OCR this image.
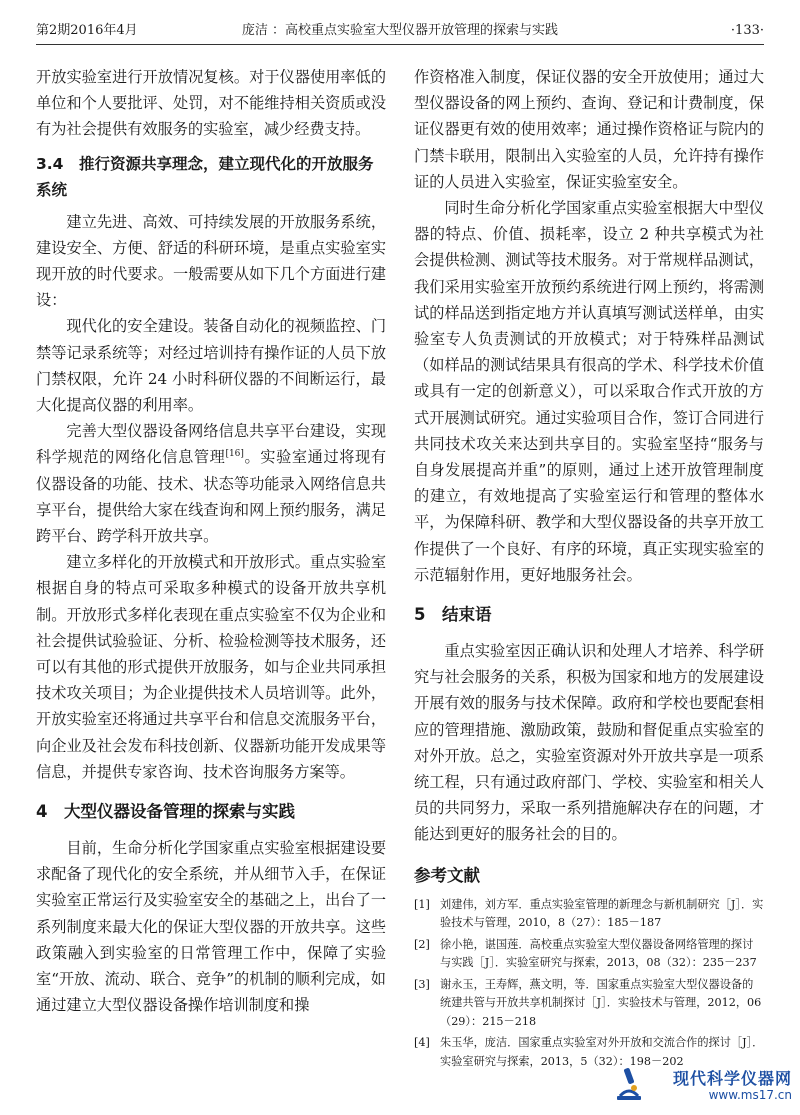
第2期2016年4月	庞洁 ：高校重点实验室大型仪器开放管理的探索与实践	·133·

开放实验室进行开放情况复核。对于仪器使用率低的单位和个人要批评、处罚，对不能维持相关资质或没有为社会提供有效服务的实验室，减少经费支持。

3.4　推行资源共享理念，建立现代化的开放服务系统

建立先进、高效、可持续发展的开放服务系统，建设安全、方便、舒适的科研环境，是重点实验室实现开放的时代要求。一般需要从如下几个方面进行建设：

现代化的安全建设。装备自动化的视频监控、门禁等记录系统等；对经过培训持有操作证的人员下放门禁权限，允许 24 小时科研仪器的不间断运行，最大化提高仪器的利用率。

完善大型仪器设备网络信息共享平台建设，实现科学规范的网络化信息管理[16]。实验室通过将现有仪器设备的功能、技术、状态等功能录入网络信息共享平台，提供给大家在线查询和网上预约服务，满足跨平台、跨学科开放共享。

建立多样化的开放模式和开放形式。重点实验室根据自身的特点可采取多种模式的设备开放共享机制。开放形式多样化表现在重点实验室不仅为企业和社会提供试验验证、分析、检验检测等技术服务，还可以有其他的形式提供开放服务，如与企业共同承担技术攻关项目；为企业提供技术人员培训等。此外，开放实验室还将通过共享平台和信息交流服务平台，向企业及社会发布科技创新、仪器新功能开发成果等信息，并提供专家咨询、技术咨询服务方案等。

4　大型仪器设备管理的探索与实践

目前，生命分析化学国家重点实验室根据建设要求配备了现代化的安全系统，并从细节入手，在保证实验室正常运行及实验室安全的基础之上，出台了一系列制度来最大化的保证大型仪器的开放共享。这些政策融入到实验室的日常管理工作中，保障了实验室“开放、流动、联合、竞争”的机制的顺利完成，如通过建立大型仪器设备操作培训制度和操

作资格准入制度，保证仪器的安全开放使用；通过大型仪器设备的网上预约、查询、登记和计费制度，保证仪器更有效的使用效率；通过操作资格证与院内的门禁卡联用，限制出入实验室的人员，允许持有操作证的人员进入实验室，保证实验室安全。

同时生命分析化学国家重点实验室根据大中型仪器的特点、价值、损耗率，设立 2 种共享模式为社会提供检测、测试等技术服务。对于常规样品测试，我们采用实验室开放预约系统进行网上预约，将需测试的样品送到指定地方并认真填写测试送样单，由实验室专人负责测试的开放模式；对于特殊样品测试（如样品的测试结果具有很高的学术、科学技术价值或具有一定的创新意义），可以采取合作式开放的方式开展测试研究。通过实验项目合作，签订合同进行共同技术攻关来达到共享目的。实验室坚持“服务与自身发展提高并重”的原则，通过上述开放管理制度的建立，有效地提高了实验室运行和管理的整体水平，为保障科研、教学和大型仪器设备的共享开放工作提供了一个良好、有序的环境，真正实现实验室的示范辐射作用，更好地服务社会。

5　结束语

重点实验室因正确认识和处理人才培养、科学研究与社会服务的关系，积极为国家和地方的发展建设开展有效的服务与技术保障。政府和学校也要配套相应的管理措施、激励政策，鼓励和督促重点实验室的对外开放。总之，实验室资源对外开放共享是一项系统工程，只有通过政府部门、学校、实验室和相关人员的共同努力，采取一系列措施解决存在的问题，才能达到更好的服务社会的目的。

参考文献
[1] 刘建伟，刘方军．重点实验室管理的新理念与新机制研究［J］．实验技术与管理，2010，8（27）：185－187
[2] 徐小艳，谌国莲．高校重点实验室大型仪器设备网络管理的探讨与实践［J］．实验室研究与探索，2013，08（32）：235－237
[3] 谢永玉，王寿辉，燕文明，等．国家重点实验室大型仪器设备的统建共管与开放共享机制探讨［J］．实验技术与管理，2012，06（29）：215－218
[4] 朱玉华，庞洁．国家重点实验室对外开放和交流合作的探讨［J］．实验室研究与探索，2013，5（32）：198－202
现代科学仪器网
www.ms17.cn
